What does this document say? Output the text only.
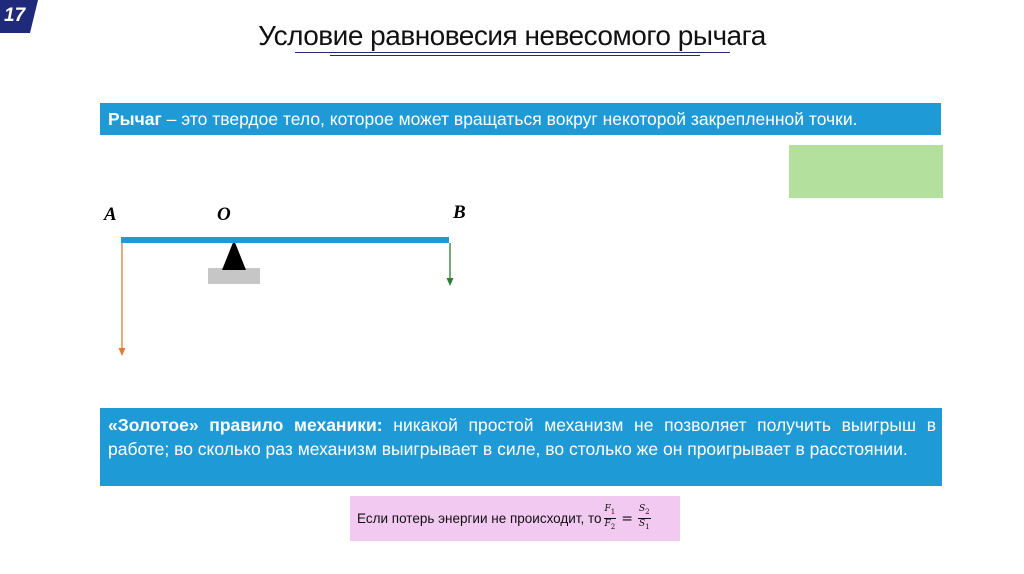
17
Условие равновесия невесомого рычага
Рычаг – это твердое тело, которое может вращаться вокруг некоторой закрепленной точки.
A	O	B
«Золотое» правило механики: никакой простой механизм не позволяет получить выигрыш в работе; во сколько раз механизм выигрывает в силе, во столько же он проигрывает в расстоянии.
Если потерь энергии не происходит, то $\frac{F_1}{F_2} = \frac{S_2}{S_1}$
